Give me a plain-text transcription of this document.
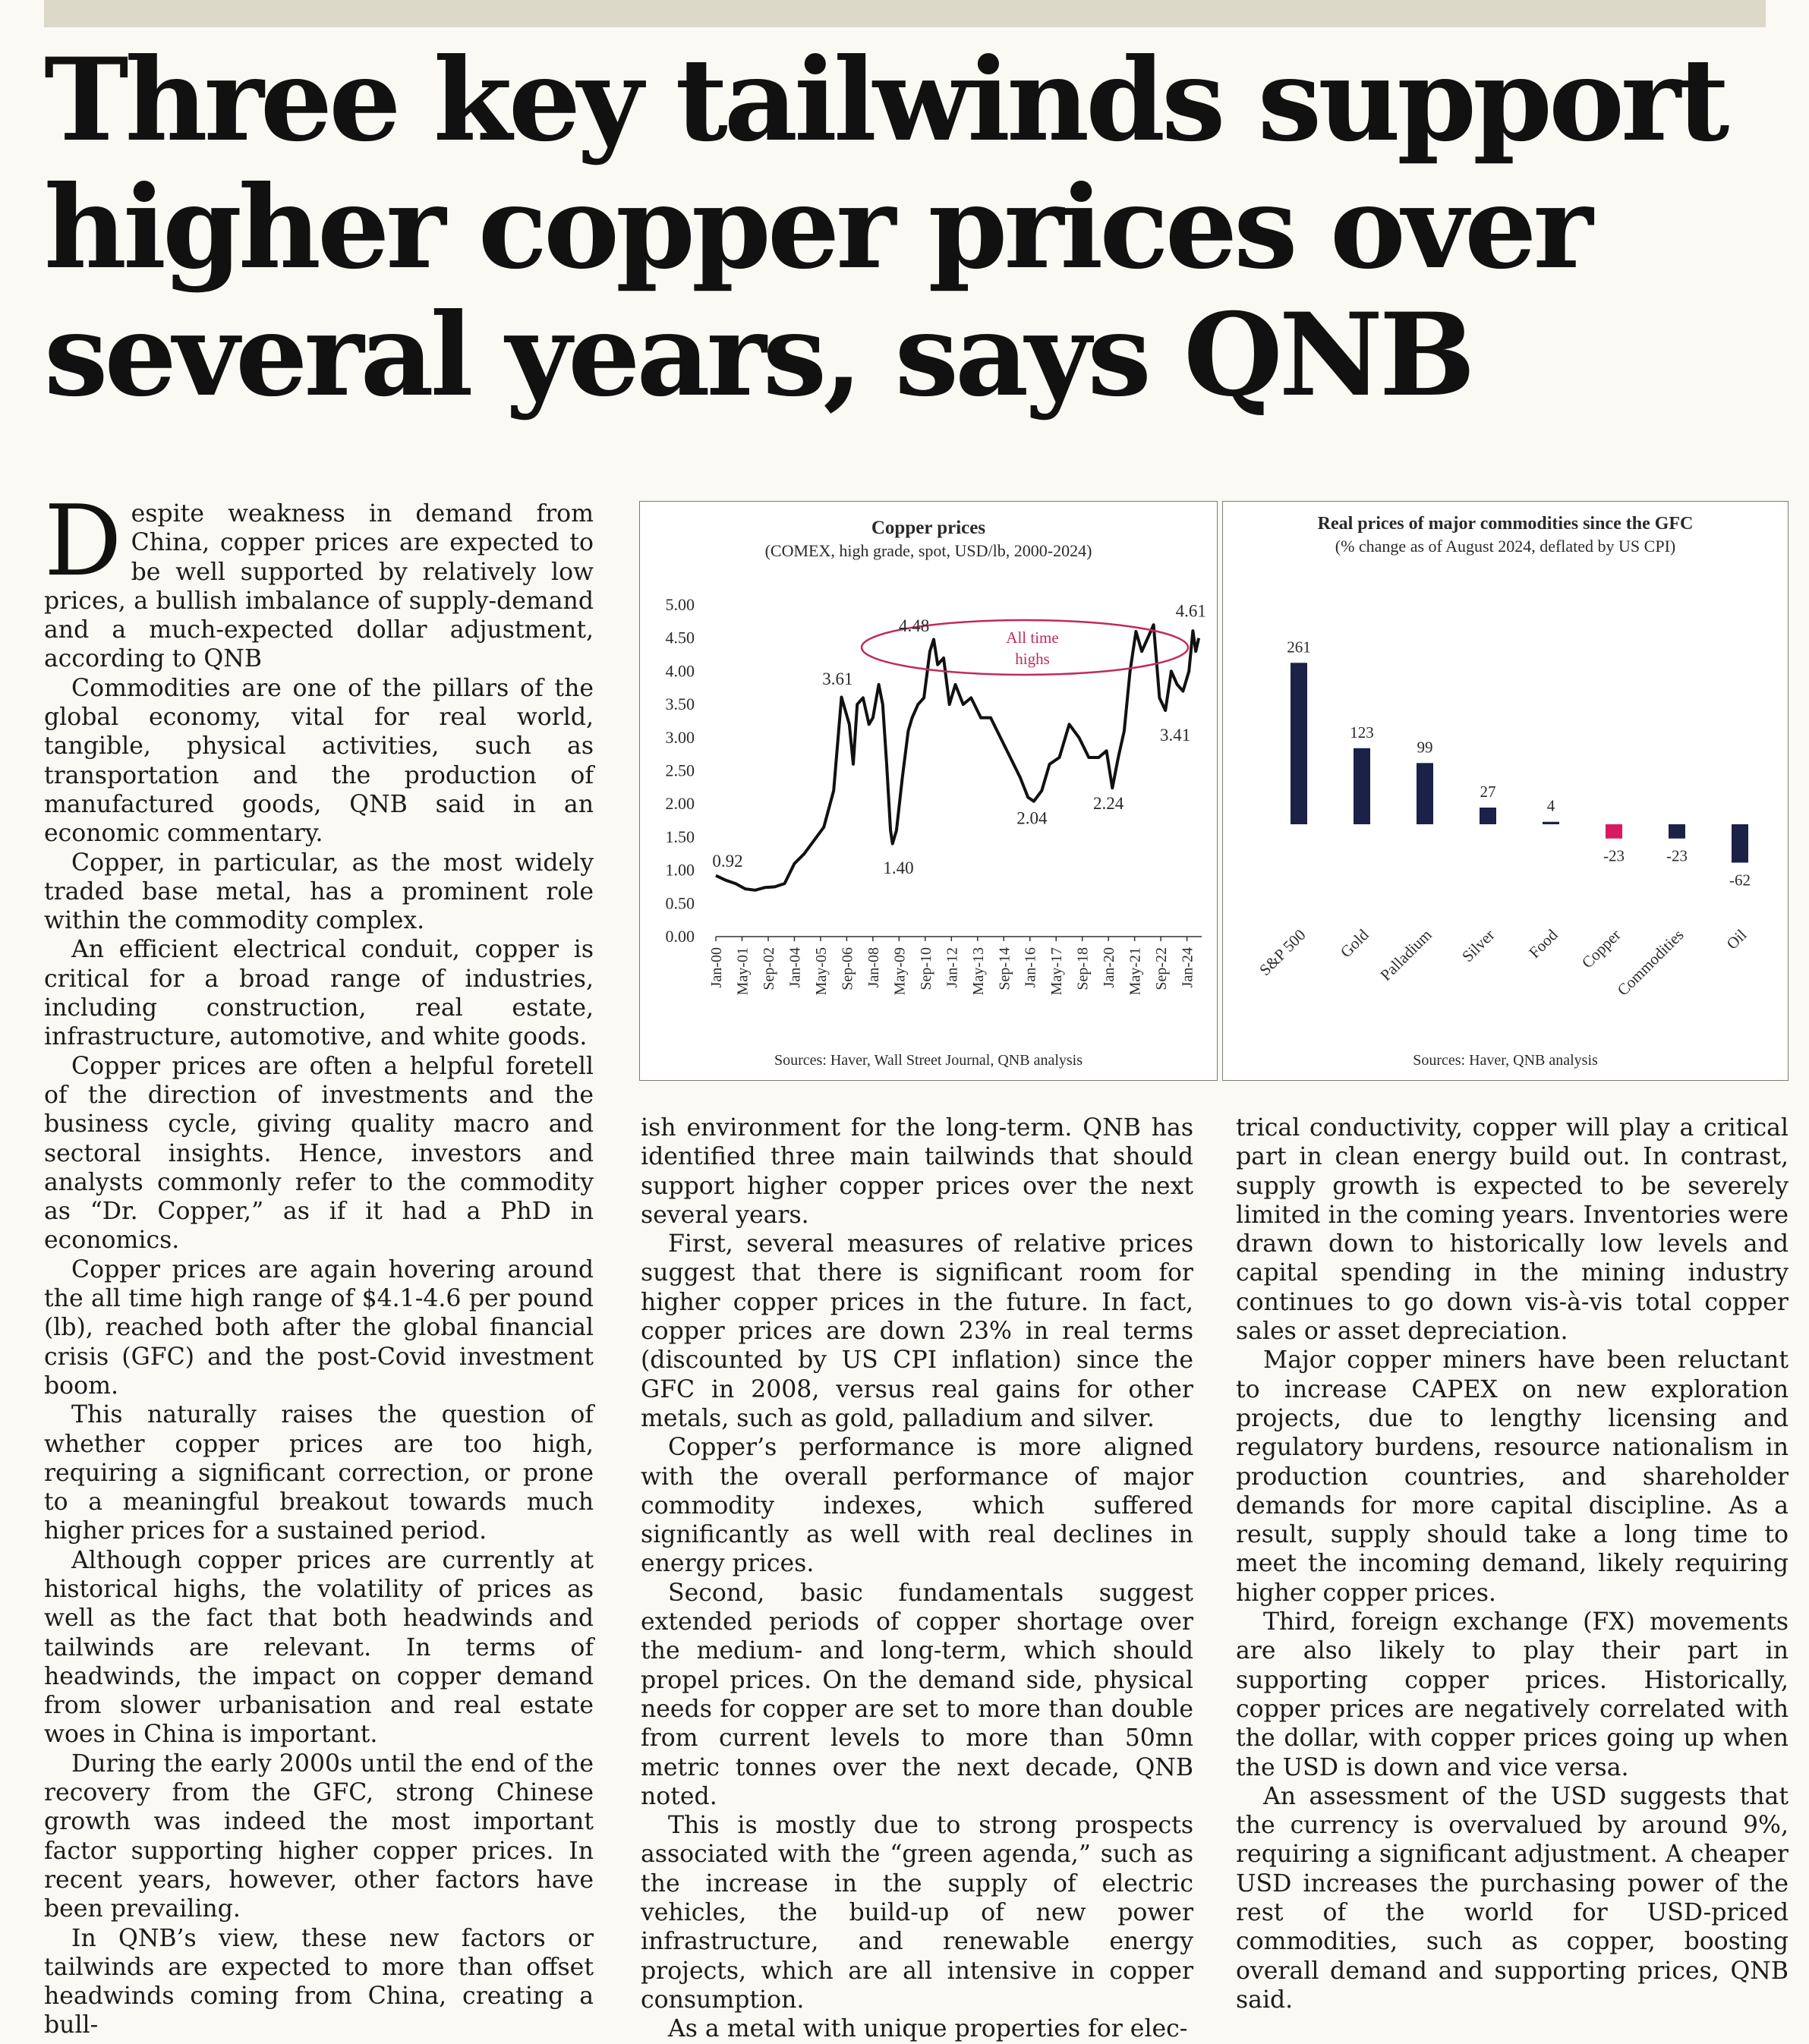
Three key tailwinds support
higher copper prices over
several years, says QNB

Despite weakness in demand from China, copper prices are expected to be well supported by relatively low prices, a bullish imbalance of supply-demand and a much-expected dollar adjustment, according to QNB

Commodities are one of the pillars of the global economy, vital for real world, tangible, physical activities, such as transportation and the production of manufactured goods, QNB said in an economic commentary.

Copper, in particular, as the most widely traded base metal, has a prominent role within the commodity complex.

An efficient electrical conduit, copper is critical for a broad range of industries, including construction, real estate, infrastructure, automotive, and white goods.

Copper prices are often a helpful foretell of the direction of investments and the business cycle, giving quality macro and sectoral insights. Hence, investors and analysts commonly refer to the commodity as “Dr. Copper,” as if it had a PhD in economics.

Copper prices are again hovering around the all time high range of $4.1-4.6 per pound (lb), reached both after the global financial crisis (GFC) and the post-Covid investment boom.

This naturally raises the question of whether copper prices are too high, requiring a significant correction, or prone to a meaningful breakout towards much higher prices for a sustained period.

Although copper prices are currently at historical highs, the volatility of prices as well as the fact that both headwinds and tailwinds are relevant. In terms of headwinds, the impact on copper demand from slower urbanisation and real estate woes in China is important.

During the early 2000s until the end of the recovery from the GFC, strong Chinese growth was indeed the most important factor supporting higher copper prices. In recent years, however, other factors have been prevailing.

In QNB’s view, these new factors or tailwinds are expected to more than offset headwinds coming from China, creating a bull-

ish environment for the long-term. QNB has identified three main tailwinds that should support higher copper prices over the next several years.

First, several measures of relative prices suggest that there is significant room for higher copper prices in the future. In fact, copper prices are down 23% in real terms (discounted by US CPI inflation) since the GFC in 2008, versus real gains for other metals, such as gold, palladium and silver.

Copper’s performance is more aligned with the overall performance of major commodity indexes, which suffered significantly as well with real declines in energy prices.

Second, basic fundamentals suggest extended periods of copper shortage over the medium- and long-term, which should propel prices. On the demand side, physical needs for copper are set to more than double from current levels to more than 50mn metric tonnes over the next decade, QNB noted.

This is mostly due to strong prospects associated with the “green agenda,” such as the increase in the supply of electric vehicles, the build-up of new power infrastructure, and renewable energy projects, which are all intensive in copper consumption.

As a metal with unique properties for elec-

trical conductivity, copper will play a critical part in clean energy build out. In contrast, supply growth is expected to be severely limited in the coming years. Inventories were drawn down to historically low levels and capital spending in the mining industry continues to go down vis-à-vis total copper sales or asset depreciation.

Major copper miners have been reluctant to increase CAPEX on new exploration projects, due to lengthy licensing and regulatory burdens, resource nationalism in production countries, and shareholder demands for more capital discipline. As a result, supply should take a long time to meet the incoming demand, likely requiring higher copper prices.

Third, foreign exchange (FX) movements are also likely to play their part in supporting copper prices. Historically, copper prices are negatively correlated with the dollar, with copper prices going up when the USD is down and vice versa.

An assessment of the USD suggests that the currency is overvalued by around 9%, requiring a significant adjustment. A cheaper USD increases the purchasing power of the rest of the world for USD-priced commodities, such as copper, boosting overall demand and supporting prices, QNB said.

Copper prices
(COMEX, high grade, spot, USD/lb, 2000-2024)
0.00
0.50
1.00
1.50
2.00
2.50
3.00
3.50
4.00
4.50
5.00
Jan-00 May-01 Sep-02 Jan-04 May-05 Sep-06 Jan-08 May-09 Sep-10 Jan-12 May-13 Sep-14 Jan-16 May-17 Sep-18 Jan-20 May-21 Sep-22 Jan-24
All time
highs
0.92
3.61
4.48
1.40
2.04
2.24
3.41
4.61
Sources: Haver, Wall Street Journal, QNB analysis
Real prices of major commodities since the GFC
(% change as of August 2024, deflated by US CPI)
261
123
99
27
4
-23	-23
-62
S&P 500 Gold Palladium Silver Food Copper
Commodities Oil
Sources: Haver, QNB analysis
